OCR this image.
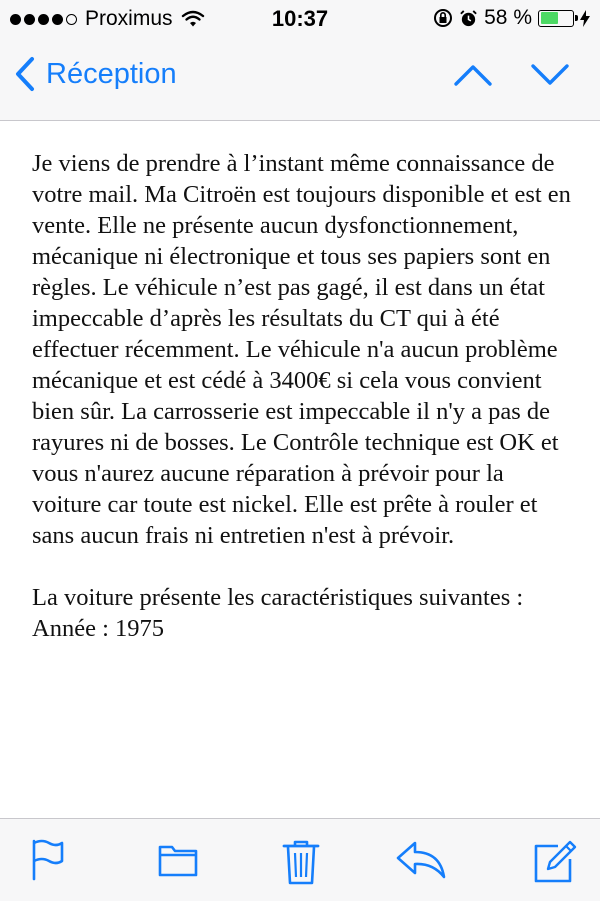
Proximus	10:37	58 %
Réception

Je viens de prendre à l’instant même connaissance de votre mail. Ma Citroën est toujours disponible et est en vente. Elle ne présente aucun dysfonctionnement, mécanique ni électronique et tous ses papiers sont en règles. Le véhicule n’est pas gagé, il est dans un état impeccable d’après les résultats du CT qui à été effectuer récemment. Le véhicule n'a aucun problème mécanique et est cédé à 3400€ si cela vous convient bien sûr. La carrosserie est impeccable il n'y a pas de rayures ni de bosses. Le Contrôle technique est OK et vous n'aurez aucune réparation à prévoir pour la voiture car toute est nickel. Elle est prête à rouler et sans aucun frais ni entretien n'est à prévoir.

La voiture présente les caractéristiques suivantes :

Année : 1975
